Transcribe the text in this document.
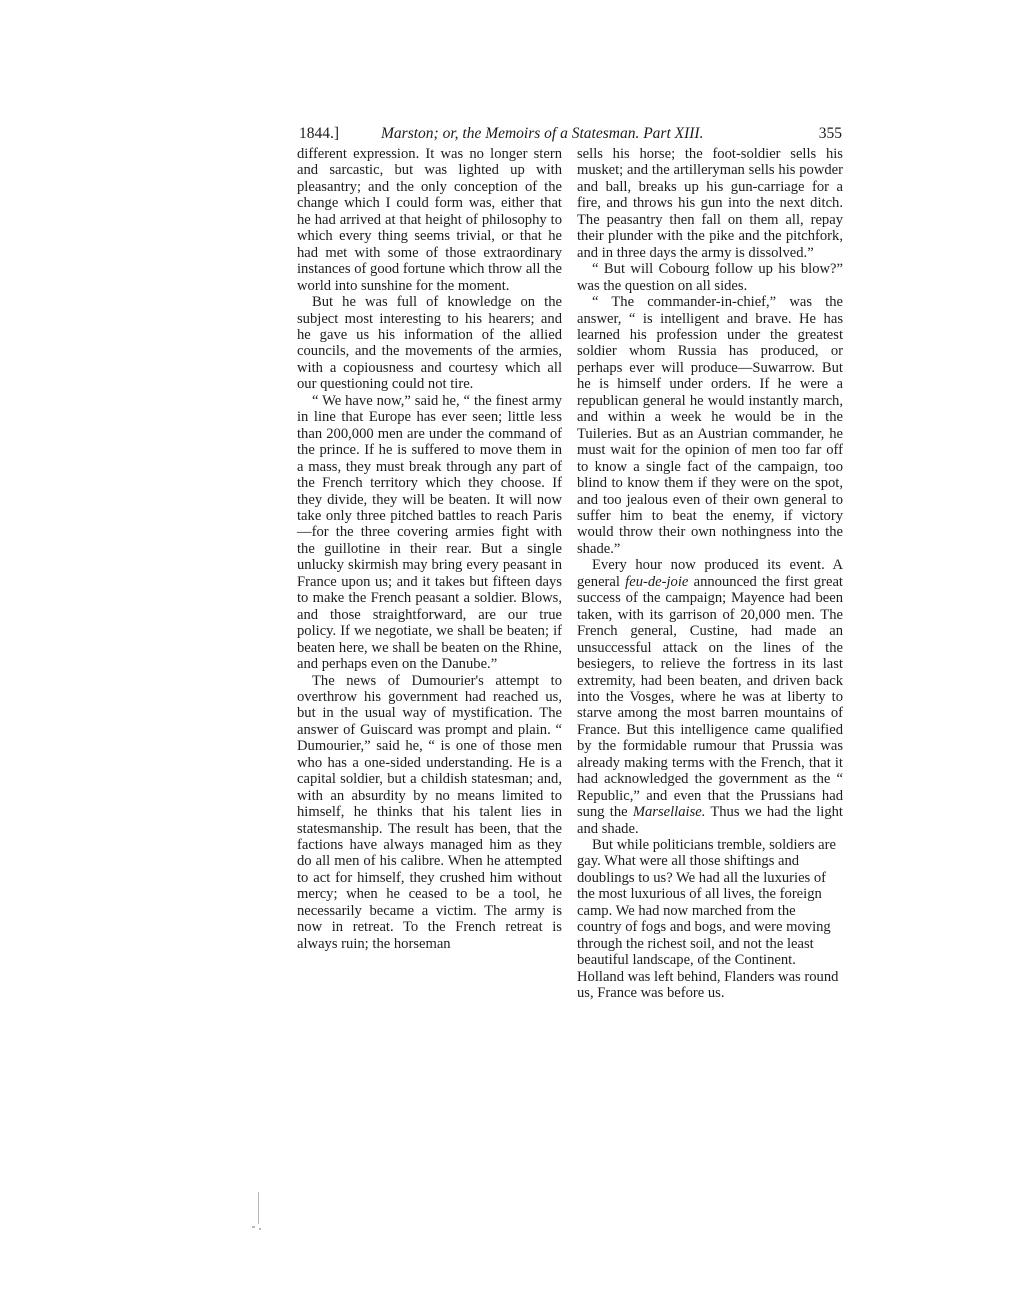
1844.]	Marston; or, the Memoirs of a Statesman. Part XIII.	355

different expression. It was no longer stern and sarcastic, but was lighted up with pleasantry; and the only conception of the change which I could form was, either that he had arrived at that height of philosophy to which every thing seems trivial, or that he had met with some of those extraordinary instances of good fortune which throw all the world into sunshine for the moment.

But he was full of knowledge on the subject most interesting to his hearers; and he gave us his information of the allied councils, and the movements of the armies, with a copiousness and courtesy which all our questioning could not tire.

“ We have now,” said he, “ the finest army in line that Europe has ever seen; little less than 200,000 men are under the command of the prince. If he is suffered to move them in a mass, they must break through any part of the French territory which they choose. If they divide, they will be beaten. It will now take only three pitched battles to reach Paris—for the three covering armies fight with the guillotine in their rear. But a single unlucky skirmish may bring every peasant in France upon us; and it takes but fifteen days to make the French peasant a soldier. Blows, and those straightforward, are our true policy. If we negotiate, we shall be beaten; if beaten here, we shall be beaten on the Rhine, and perhaps even on the Danube.”

The news of Dumourier's attempt to overthrow his government had reached us, but in the usual way of mystification. The answer of Guiscard was prompt and plain. “ Dumourier,” said he, “ is one of those men who has a one-sided understanding. He is a capital soldier, but a childish statesman; and, with an absurdity by no means limited to himself, he thinks that his talent lies in statesmanship. The result has been, that the factions have always managed him as they do all men of his calibre. When he attempted to act for himself, they crushed him without mercy; when he ceased to be a tool, he necessarily became a victim. The army is now in retreat. To the French retreat is always ruin; the horseman

sells his horse; the foot-soldier sells his musket; and the artilleryman sells his powder and ball, breaks up his gun-carriage for a fire, and throws his gun into the next ditch. The peasantry then fall on them all, repay their plunder with the pike and the pitchfork, and in three days the army is dissolved.”

“ But will Cobourg follow up his blow?” was the question on all sides.

“ The commander-in-chief,” was the answer, “ is intelligent and brave. He has learned his profession under the greatest soldier whom Russia has produced, or perhaps ever will produce—Suwarrow. But he is himself under orders. If he were a republican general he would instantly march, and within a week he would be in the Tuileries. But as an Austrian commander, he must wait for the opinion of men too far off to know a single fact of the campaign, too blind to know them if they were on the spot, and too jealous even of their own general to suffer him to beat the enemy, if victory would throw their own nothingness into the shade.”

Every hour now produced its event. A general feu-de-joie announced the first great success of the campaign; Mayence had been taken, with its garrison of 20,000 men. The French general, Custine, had made an unsuccessful attack on the lines of the besiegers, to relieve the fortress in its last extremity, had been beaten, and driven back into the Vosges, where he was at liberty to starve among the most barren mountains of France. But this intelligence came qualified by the formidable rumour that Prussia was already making terms with the French, that it had acknowledged the government as the “ Republic,” and even that the Prussians had sung the Marsellaise. Thus we had the light and shade.

But while politicians tremble, soldiers are gay. What were all those shiftings and doublings to us? We had all the luxuries of the most luxurious of all lives, the foreign camp. We had now marched from the country of fogs and bogs, and were moving through the richest soil, and not the least beautiful landscape, of the Continent. Holland was left behind, Flanders was round us, France was before us.
